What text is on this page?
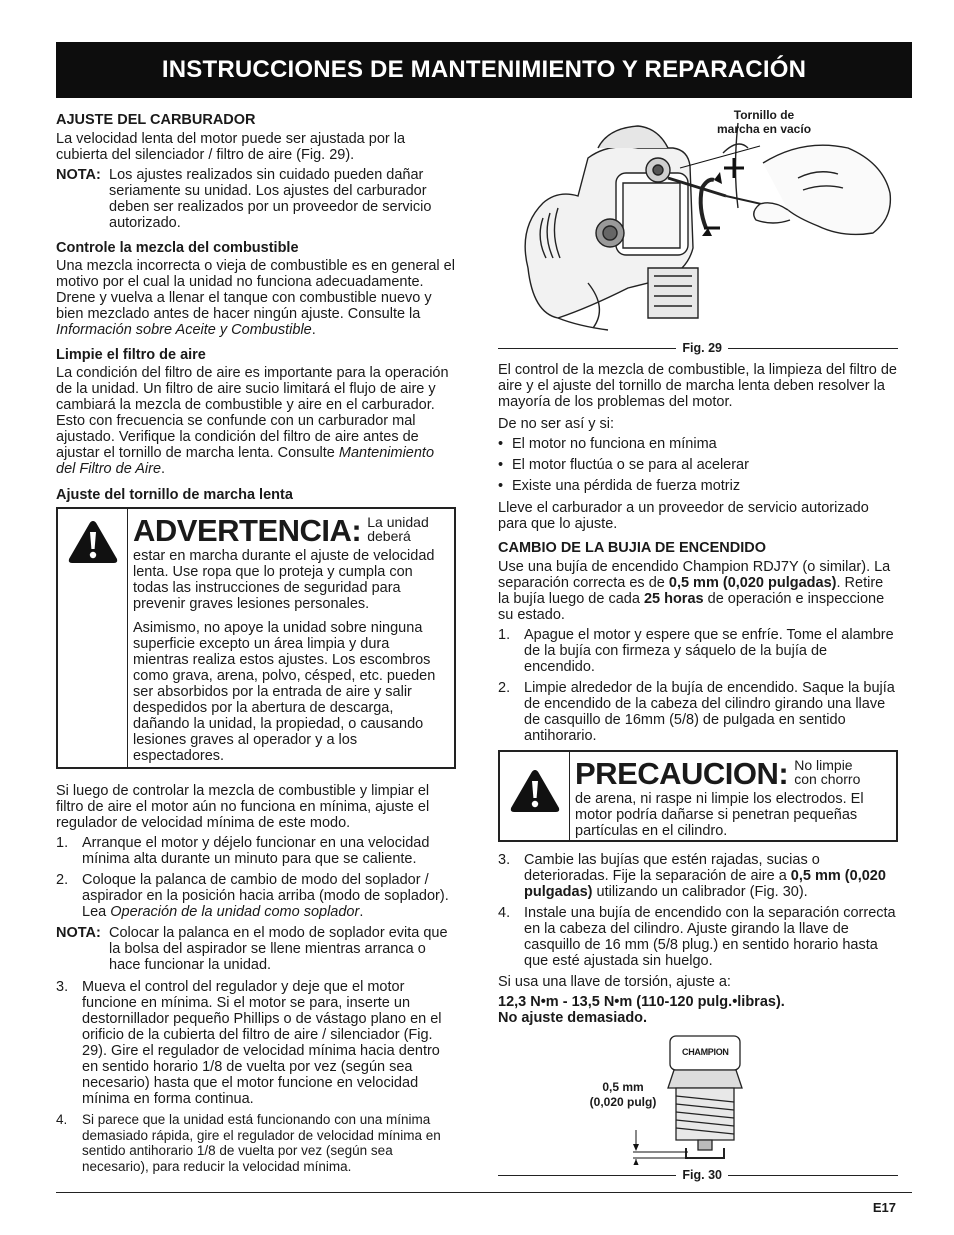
INSTRUCCIONES DE MANTENIMIENTO Y REPARACIÓN
AJUSTE DEL CARBURADOR

La velocidad lenta del motor puede ser ajustada por la cubierta del silenciador / filtro de aire (Fig. 29).

NOTA: Los ajustes realizados sin cuidado pueden dañar seriamente su unidad. Los ajustes del carburador deben ser realizados por un proveedor de servicio autorizado.
Controle la mezcla del combustible

Una mezcla incorrecta o vieja de combustible es en general el motivo por el cual la unidad no funciona adecuadamente. Drene y vuelva a llenar el tanque con combustible nuevo y bien mezclado antes de hacer ningún ajuste. Consulte la Información sobre Aceite y Combustible.

Limpie el filtro de aire

La condición del filtro de aire es importante para la operación de la unidad. Un filtro de aire sucio limitará el flujo de aire y cambiará la mezcla de combustible y aire en el carburador. Esto con frecuencia se confunde con un carburador mal ajustado. Verifique la condición del filtro de aire antes de ajustar el tornillo de marcha lenta. Consulte Mantenimiento del Filtro de Aire.

Ajuste del tornillo de marcha lenta
ADVERTENCIA: La unidad deberá

estar en marcha durante el ajuste de velocidad lenta. Use ropa que lo proteja y cumpla con todas las instrucciones de seguridad para prevenir graves lesiones personales.

Asimismo, no apoye la unidad sobre ninguna superficie excepto un área limpia y dura mientras realiza estos ajustes. Los escombros como grava, arena, polvo, césped, etc. pueden ser absorbidos por la entrada de aire y salir despedidos por la abertura de descarga, dañando la unidad, la propiedad, o causando lesiones graves al operador y a los espectadores.

Si luego de controlar la mezcla de combustible y limpiar el filtro de aire el motor aún no funciona en mínima, ajuste el regulador de velocidad mínima de este modo.

1. Arranque el motor y déjelo funcionar en una velocidad mínima alta durante un minuto para que se caliente.
2. Coloque la palanca de cambio de modo del soplador / aspirador en la posición hacia arriba (modo de soplador). Lea Operación de la unidad como soplador.
NOTA: Colocar la palanca en el modo de soplador evita que la bolsa del aspirador se llene mientras arranca o hace funcionar la unidad.
3. Mueva el control del regulador y deje que el motor funcione en mínima. Si el motor se para, inserte un destornillador pequeño Phillips o de vástago plano en el orificio de la cubierta del filtro de aire / silenciador (Fig. 29). Gire el regulador de velocidad mínima hacia dentro en sentido horario 1/8 de vuelta por vez (según sea necesario) hasta que el motor funcione en velocidad mínima en forma continua.
4.	Si parece que la unidad está funcionando con una mínima demasiado rápida, gire el regulador de velocidad mínima en sentido antihorario 1/8 de vuelta por vez (según sea necesario), para reducir la velocidad mínima.
Tornillo de marcha en vacío
Fig. 29

El control de la mezcla de combustible, la limpieza del filtro de aire y el ajuste del tornillo de marcha lenta deben resolver la mayoría de los problemas del motor.

De no ser así y si:

• El motor no funciona en mínima
• El motor fluctúa o se para al acelerar
• Existe una pérdida de fuerza motriz

Lleve el carburador a un proveedor de servicio autorizado para que lo ajuste.

CAMBIO DE LA BUJIA DE ENCENDIDO

Use una bujía de encendido Champion RDJ7Y (o similar). La separación correcta es de 0,5 mm (0,020 pulgadas). Retire la bujía luego de cada 25 horas de operación e inspeccione su estado.

1. Apague el motor y espere que se enfríe. Tome el alambre de la bujía con firmeza y sáquelo de la bujía de encendido.
2. Limpie alrededor de la bujía de encendido. Saque la bujía de encendido de la cabeza del cilindro girando una llave de casquillo de 16mm (5/8) de pulgada en sentido antihorario.
PRECAUCION: No limpie con chorro

de arena, ni raspe ni limpie los electrodos. El motor podría dañarse si penetran pequeñas partículas en el cilindro.

3. Cambie las bujías que estén rajadas, sucias o deterioradas. Fije la separación de aire a 0,5 mm (0,020 pulgadas) utilizando un calibrador (Fig. 30).
4. Instale una bujía de encendido con la separación correcta en la cabeza del cilindro. Ajuste girando la llave de casquillo de 16 mm (5/8 plug.) en sentido horario hasta que esté ajustada sin huelgo.

Si usa una llave de torsión, ajuste a:

12,3 N•m - 13,5 N•m (110-120 pulg.•libras).

No ajuste demasiado.

CHAMPION
0,5 mm
(0,020 pulg)
Fig. 30
E17
